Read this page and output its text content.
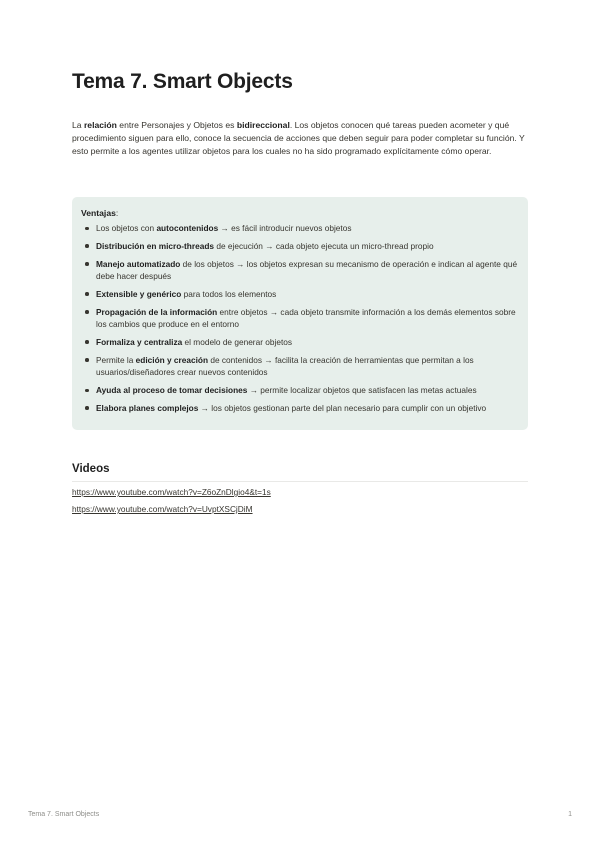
Tema 7. Smart Objects

La relación entre Personajes y Objetos es bidireccional. Los objetos conocen qué tareas pueden acometer y qué procedimiento siguen para ello, conoce la secuencia de acciones que deben seguir para poder completar su función. Y esto permite a los agentes utilizar objetos para los cuales no ha sido programado explícitamente cómo operar.

Ventajas:

Los objetos con autocontenidos → es fácil introducir nuevos objetos
Distribución en micro-threads de ejecución → cada objeto ejecuta un micro-thread propio
Manejo automatizado de los objetos → los objetos expresan su mecanismo de operación e indican al agente qué debe hacer después
Extensible y genérico para todos los elementos
Propagación de la información entre objetos → cada objeto transmite información a los demás elementos sobre los cambios que produce en el entorno
Formaliza y centraliza el modelo de generar objetos
Permite la edición y creación de contenidos → facilita la creación de herramientas que permitan a los usuarios/diseñadores crear nuevos contenidos
Ayuda al proceso de tomar decisiones → permite localizar objetos que satisfacen las metas actuales
Elabora planes complejos → los objetos gestionan parte del plan necesario para cumplir con un objetivo
Videos
https://www.youtube.com/watch?v=Z6oZnDlgio4&t=1s
https://www.youtube.com/watch?v=UvptXSCjDiM
Tema 7. Smart Objects	1
